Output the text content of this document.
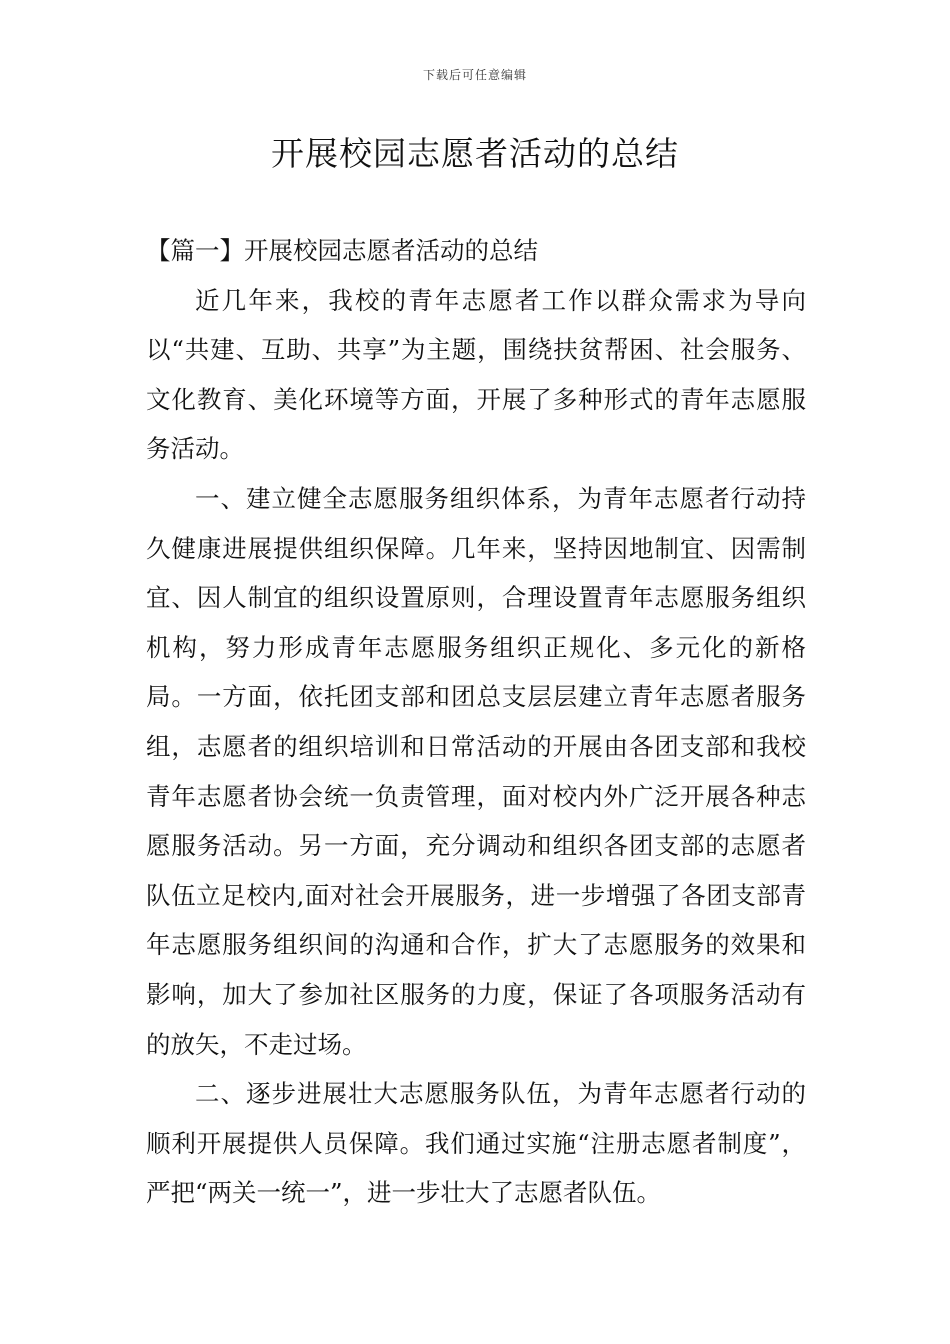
下载后可任意编辑
开展校园志愿者活动的总结

【篇一】开展校园志愿者活动的总结

近几年来，我校的青年志愿者工作以群众需求为导向以“共建、互助、共享”为主题，围绕扶贫帮困、社会服务、文化教育、美化环境等方面，开展了多种形式的青年志愿服务活动。

一、建立健全志愿服务组织体系，为青年志愿者行动持久健康进展提供组织保障。几年来，坚持因地制宜、因需制宜、因人制宜的组织设置原则，合理设置青年志愿服务组织机构，努力形成青年志愿服务组织正规化、多元化的新格局。一方面，依托团支部和团总支层层建立青年志愿者服务组，志愿者的组织培训和日常活动的开展由各团支部和我校青年志愿者协会统一负责管理，面对校内外广泛开展各种志愿服务活动。另一方面，充分调动和组织各团支部的志愿者队伍立足校内,面对社会开展服务，进一步增强了各团支部青年志愿服务组织间的沟通和合作，扩大了志愿服务的效果和影响，加大了参加社区服务的力度，保证了各项服务活动有的放矢，不走过场。

二、逐步进展壮大志愿服务队伍，为青年志愿者行动的顺利开展提供人员保障。我们通过实施“注册志愿者制度”，严把“两关一统一”，进一步壮大了志愿者队伍。
